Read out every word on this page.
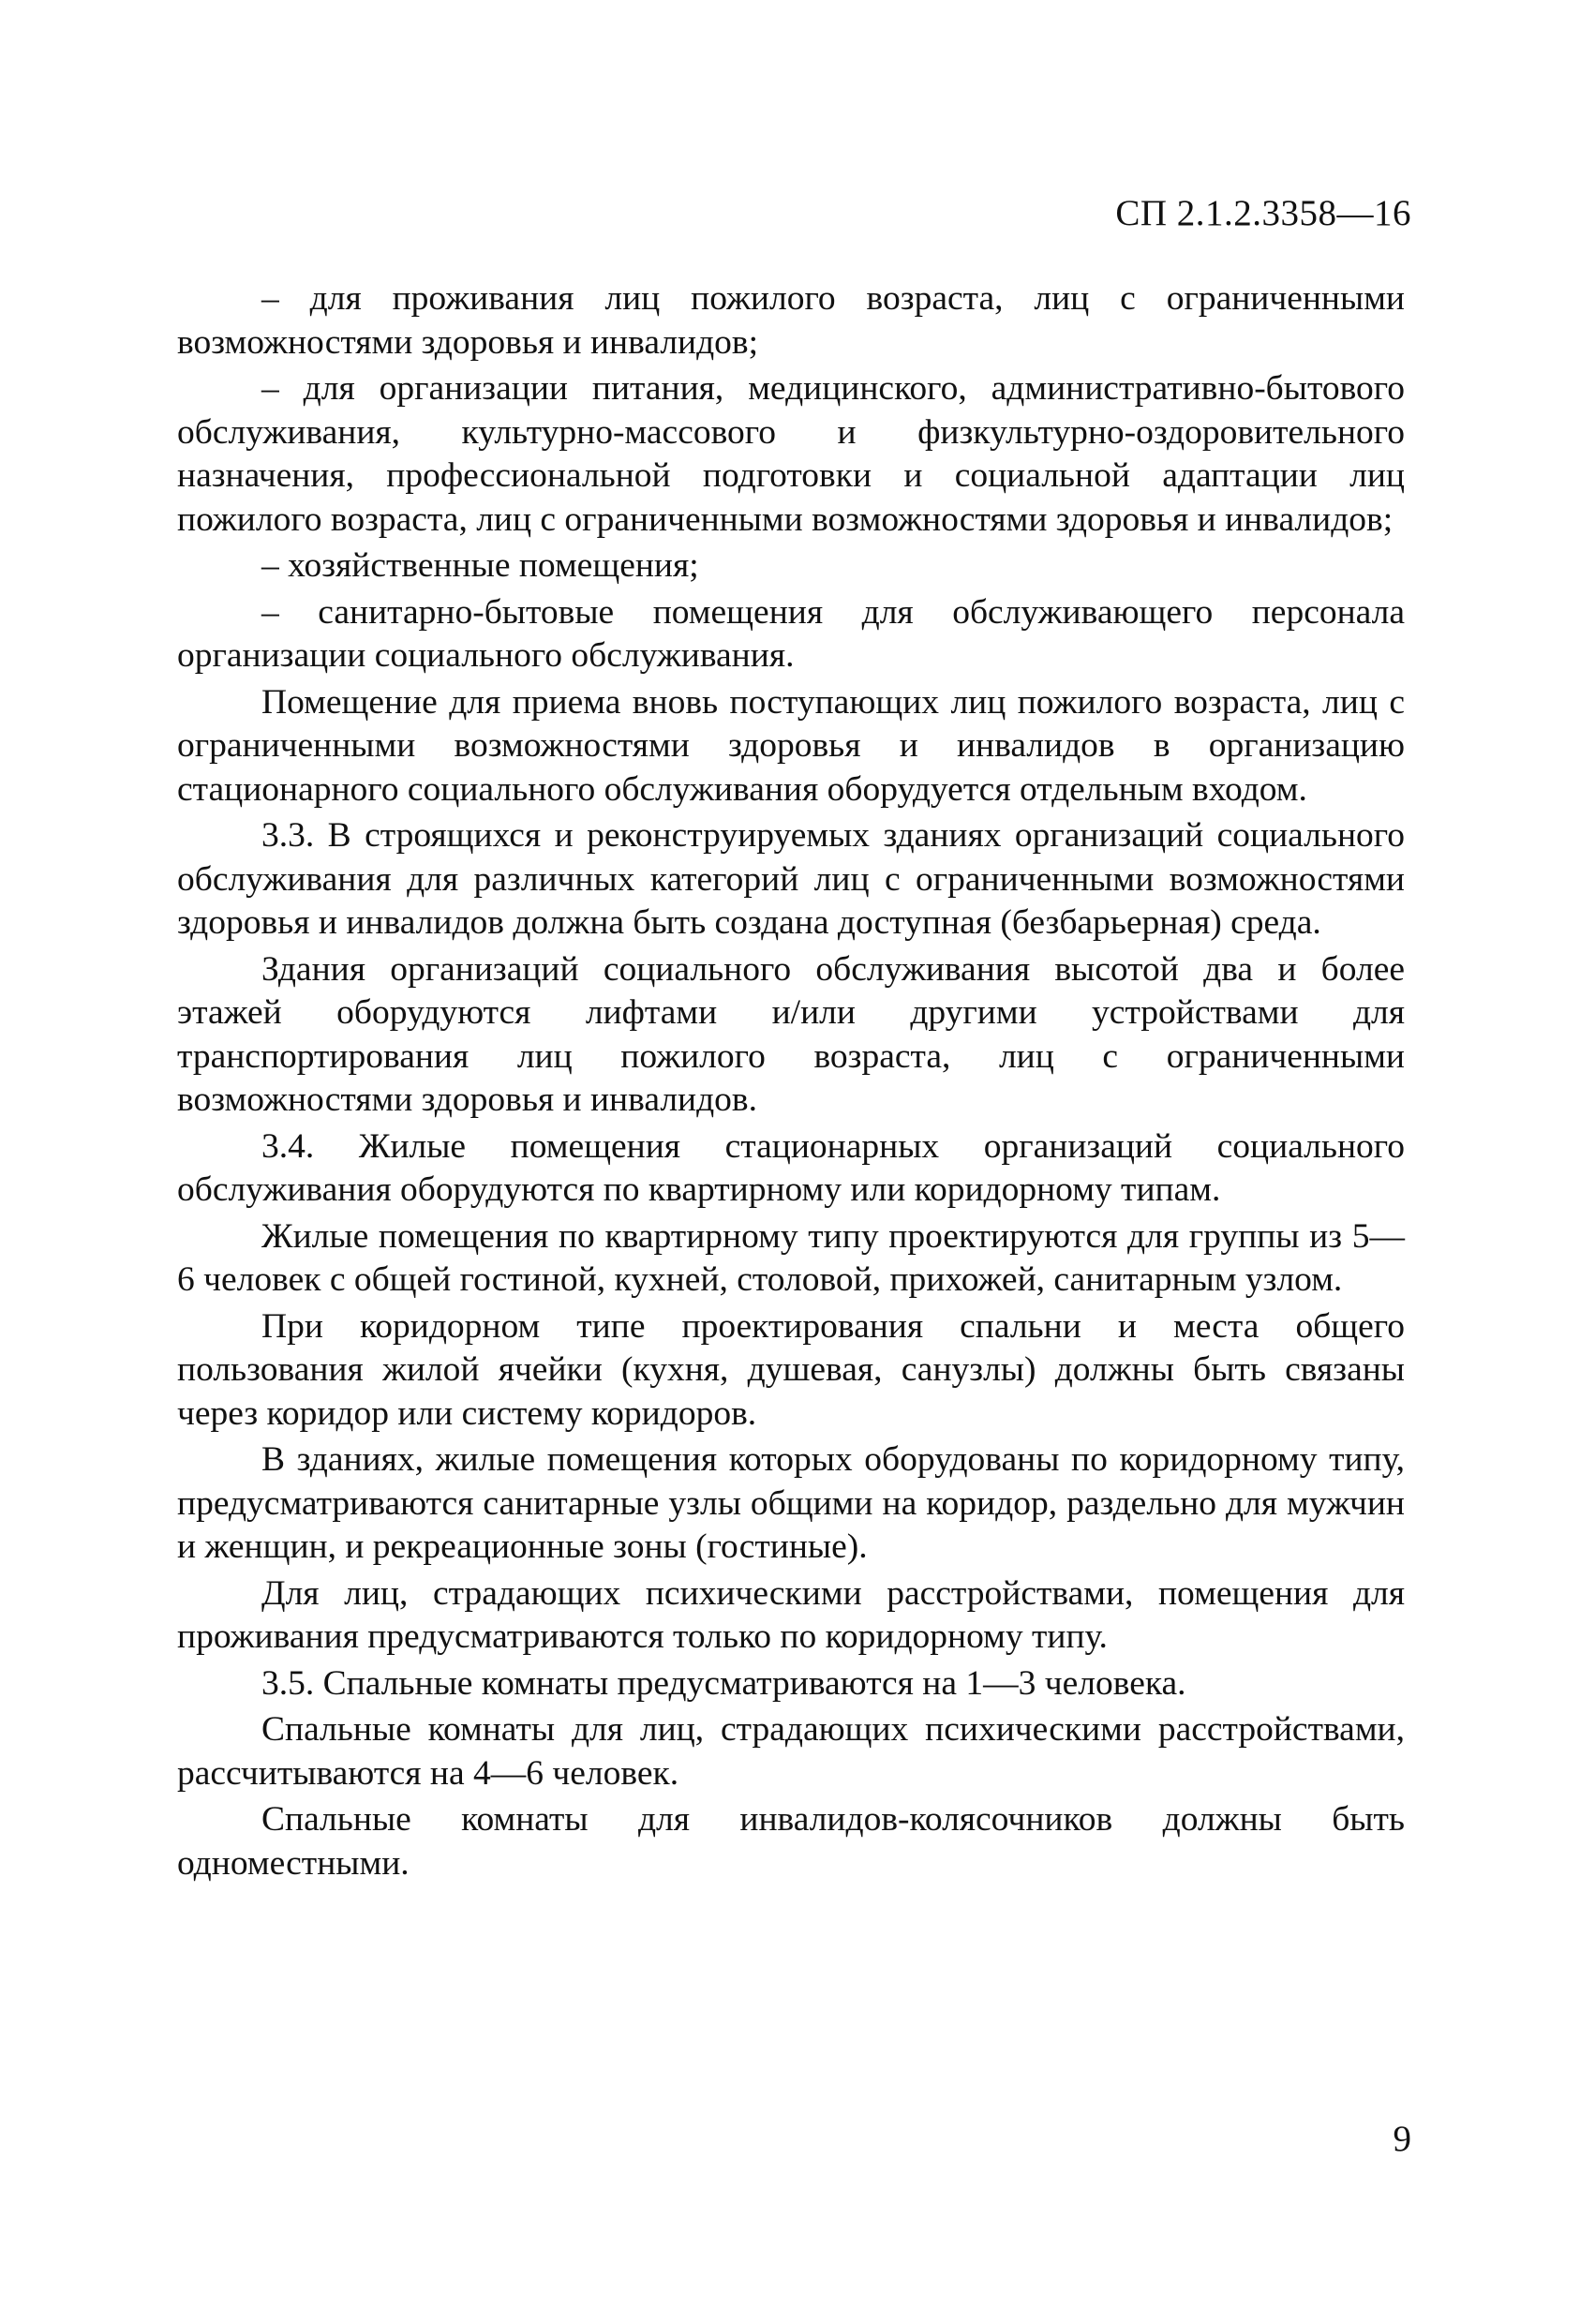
СП 2.1.2.3358—16

– для проживания лиц пожилого возраста, лиц с ограниченными возможностями здоровья и инвалидов;

– для организации питания, медицинского, административно-бытового обслуживания, культурно-массового и физкультурно-оздоровительного назначения, профессиональной подготовки и социальной адаптации лиц пожилого возраста, лиц с ограниченными возможностями здоровья и инвалидов;

– хозяйственные помещения;

– санитарно-бытовые помещения для обслуживающего персонала организации социального обслуживания.

Помещение для приема вновь поступающих лиц пожилого возраста, лиц с ограниченными возможностями здоровья и инвалидов в организацию стационарного социального обслуживания оборудуется отдельным входом.

3.3. В строящихся и реконструируемых зданиях организаций социального обслуживания для различных категорий лиц с ограниченными возможностями здоровья и инвалидов должна быть создана доступная (безбарьерная) среда.

Здания организаций социального обслуживания высотой два и более этажей оборудуются лифтами и/или другими устройствами для транспортирования лиц пожилого возраста, лиц с ограниченными возможностями здоровья и инвалидов.

3.4. Жилые помещения стационарных организаций социального обслуживания оборудуются по квартирному или коридорному типам.

Жилые помещения по квартирному типу проектируются для группы из 5—6 человек с общей гостиной, кухней, столовой, прихожей, санитарным узлом.

При коридорном типе проектирования спальни и места общего пользования жилой ячейки (кухня, душевая, санузлы) должны быть связаны через коридор или систему коридоров.

В зданиях, жилые помещения которых оборудованы по коридорному типу, предусматриваются санитарные узлы общими на коридор, раздельно для мужчин и женщин, и рекреационные зоны (гостиные).

Для лиц, страдающих психическими расстройствами, помещения для проживания предусматриваются только по коридорному типу.

3.5. Спальные комнаты предусматриваются на 1—3 человека.

Спальные комнаты для лиц, страдающих психическими расстройствами, рассчитываются на 4—6 человек.

Спальные комнаты для инвалидов-колясочников должны быть одноместными.

9
